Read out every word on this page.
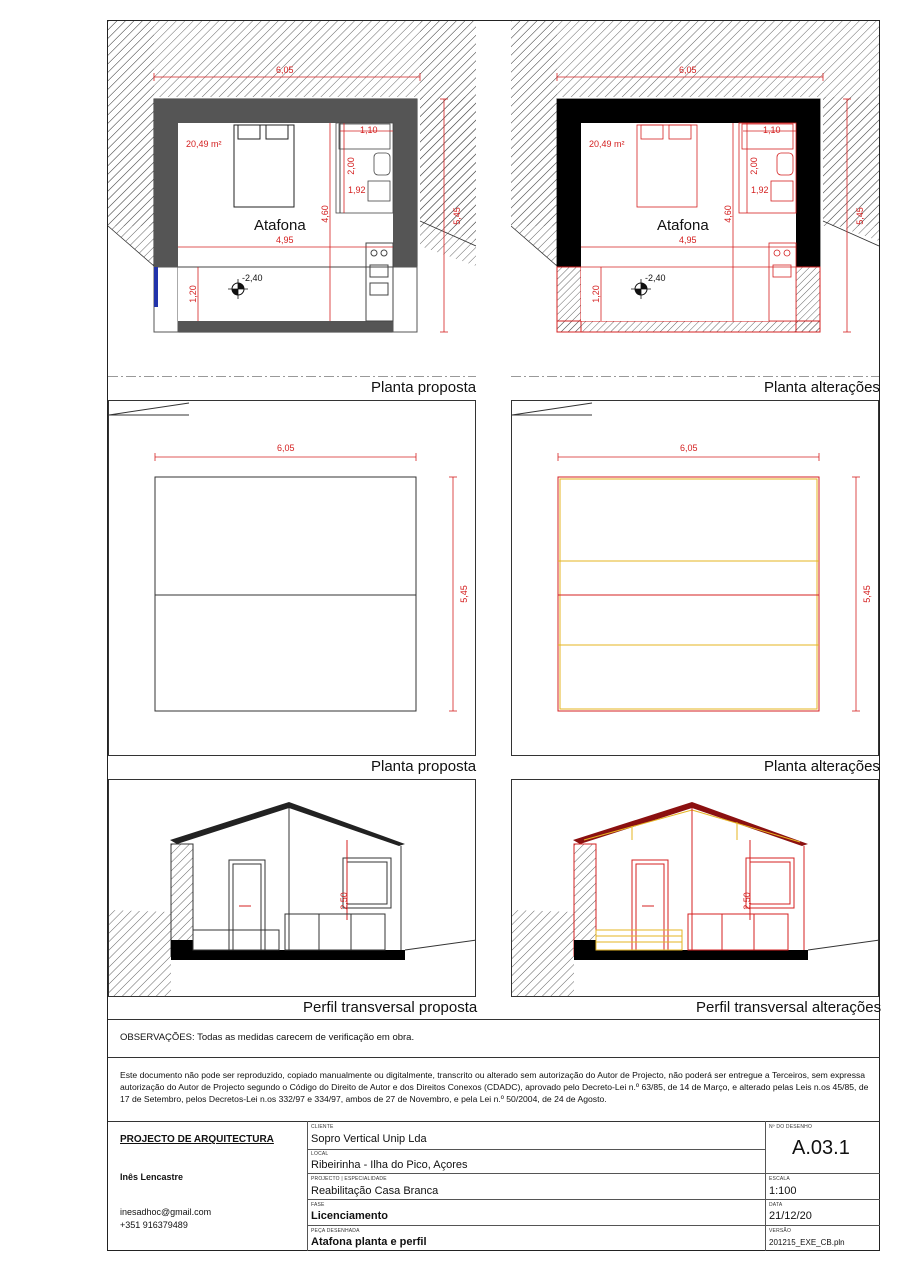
6,05
5,45
20,49 m²
Atafona
4,95
4,60
1,10
2,00
1,92
1,20
-2,40
Planta proposta
6,05
5,45
20,49 m²
Atafona
4,95
4,60
1,10
2,00
1,92
1,20
-2,40
Planta alterações
6,05
5,45
Planta proposta
6,05
5,45
Planta alterações
2,50
Perfil transversal proposta
2,50
Perfil transversal alterações
OBSERVAÇÕES: Todas as medidas carecem de verificação em obra.
Este documento não pode ser reproduzido, copiado manualmente ou digitalmente, transcrito ou alterado sem autorização do Autor de Projecto, não poderá ser entregue a Terceiros, sem expressa autorização do Autor de Projecto segundo o Código do Direito de Autor e dos Direitos Conexos (CDADC), aprovado pelo Decreto-Lei n.º 63/85, de 14 de Março, e alterado pelas Leis n.os 45/85, de 17 de Setembro, pelos Decretos-Lei n.os 332/97 e 334/97, ambos de 27 de Novembro, e pela Lei n.º 50/2004, de 24 de Agosto.
PROJECTO DE ARQUITECTURA
Inês Lencastre
inesadhoc@gmail.com
+351 916379489
CLIENTE
Sopro Vertical Unip Lda
LOCAL
Ribeirinha - Ilha do Pico, Açores
PROJECTO | ESPECIALIDADE
Reabilitação Casa Branca
FASE
Licenciamento
PEÇA DESENHADA
Atafona planta e perfil
Nº DO DESENHO
A.03.1
ESCALA
1:100
DATA
21/12/20
VERSÃO
201215_EXE_CB.pln
